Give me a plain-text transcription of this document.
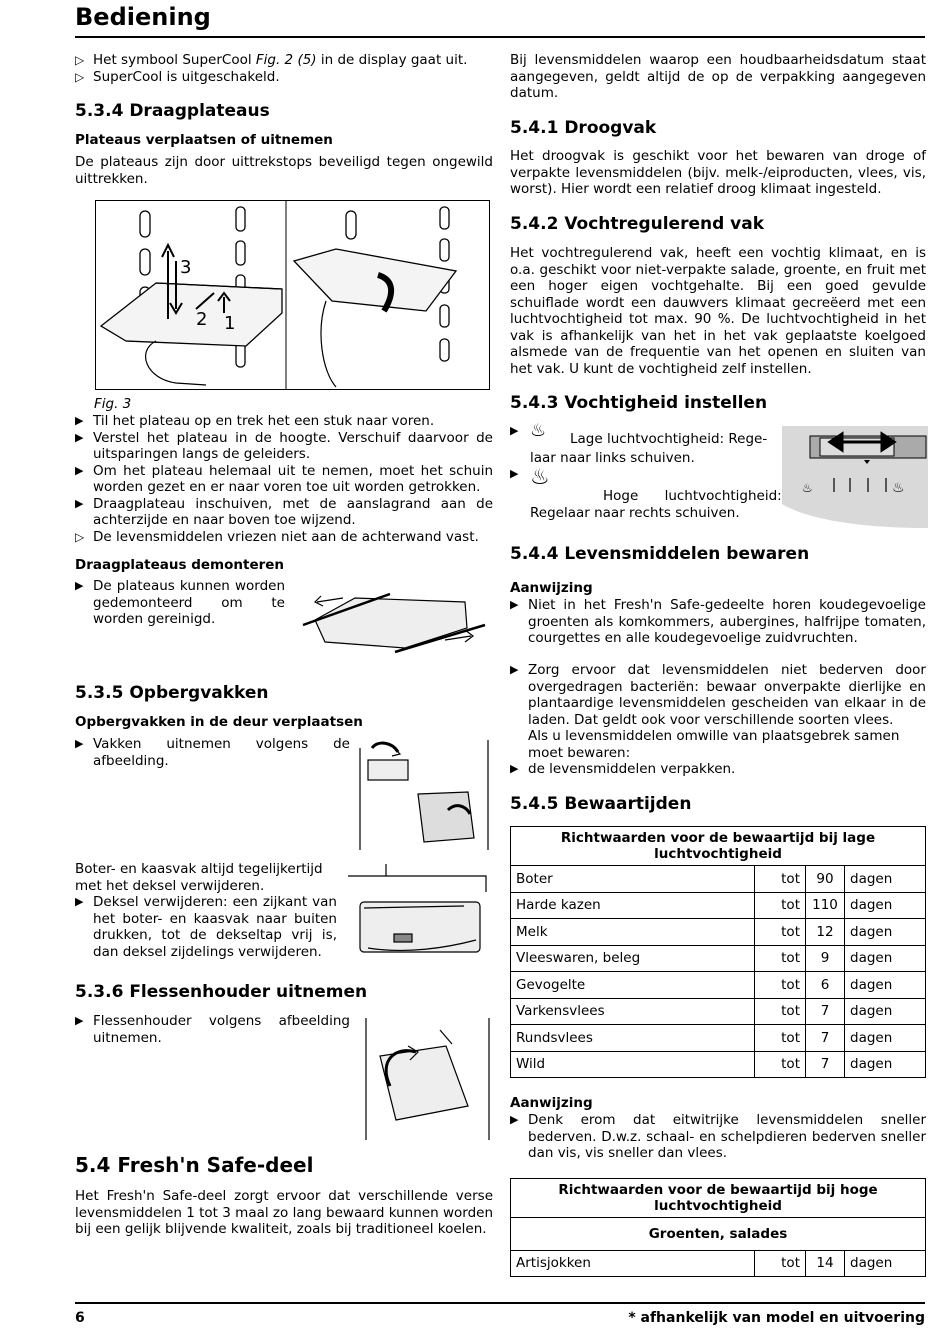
Bediening
▷ Het symbool SuperCool Fig. 2 (5) in de display gaat uit.
▷ SuperCool is uitgeschakeld.
5.3.4 Draagplateaus
Plateaus verplaatsen of uitnemen

De plateaus zijn door uittrekstops beveiligd tegen ongewild uittrekken.

3
2 1
Fig. 3
▶ Til het plateau op en trek het een stuk naar voren.
▶ Verstel het plateau in de hoogte. Verschuif daarvoor de uitsparingen langs de geleiders.
▶ Om het plateau helemaal uit te nemen, moet het schuin worden gezet en er naar voren toe uit worden getrokken.
▶ Draagplateau inschuiven, met de aanslagrand aan de achterzijde en naar boven toe wijzend.
▷ De levensmiddelen vriezen niet aan de achterwand vast.
Draagplateaus demonteren
▶ De plateaus kunnen worden gedemonteerd om te worden gereinigd.
5.3.5 Opbergvakken
Opbergvakken in de deur verplaatsen
▶ Vakken uitnemen volgens de afbeelding.

Boter- en kaasvak altijd tegelijkertijd met het deksel verwijderen.

▶ Deksel verwijderen: een zijkant van het boter- en kaasvak naar buiten drukken, tot de dekseltap vrij is, dan deksel zijdelings verwijderen.
5.3.6 Flessenhouder uitnemen
▶ Flessenhouder volgens afbeelding uitnemen.
5.4 Fresh'n Safe-deel

Het Fresh'n Safe-deel zorgt ervoor dat verschillende verse levensmiddelen 1 tot 3 maal zo lang bewaard kunnen worden bij een gelijk blijvende kwaliteit, zoals bij traditioneel koelen.

Bij levensmiddelen waarop een houdbaarheidsdatum staat aangegeven, geldt altijd de op de verpakking aangegeven datum.

5.4.1 Droogvak

Het droogvak is geschikt voor het bewaren van droge of verpakte levensmiddelen (bijv. melk-/eiproducten, vlees, vis, worst). Hier wordt een relatief droog klimaat ingesteld.

5.4.2 Vochtregulerend vak

Het vochtregulerend vak, heeft een vochtig klimaat, en is o.a. geschikt voor niet-verpakte salade, groente, en fruit met een hoger eigen vochtgehalte. Bij een goed gevulde schuiflade wordt een dauwvers klimaat gecreëerd met een luchtvochtigheid tot max. 90 %. De luchtvochtigheid in het vak is afhankelijk van het in het vak geplaatste koelgoed alsmede van de frequentie van het openen en sluiten van het vak. U kunt de vochtigheid zelf instellen.

5.4.3 Vochtigheid instellen
▶ ♨ Lage luchtvochtigheid: Rege-
laar naar links schuiven.
▶ ♨
Hoge luchtvochtigheid:
Regelaar naar rechts schuiven.
♨	♨
5.4.4 Levensmiddelen bewaren
Aanwijzing
▶ Niet in het Fresh'n Safe-gedeelte horen koudegevoelige groenten als komkommers, aubergines, halfrijpe tomaten, courgettes en alle koudegevoelige zuidvruchten.
▶ Zorg ervoor dat levensmiddelen niet bederven door overgedragen bacteriën: bewaar onverpakte dierlijke en plantaardige levensmiddelen gescheiden van elkaar in de laden. Dat geldt ook voor verschillende soorten vlees.
Als u levensmiddelen omwille van plaatsgebrek samen moet bewaren:
▶ de levensmiddelen verpakken.
5.4.5 Bewaartijden
Richtwaarden voor de bewaartijd bij lage luchtvochtigheid			
Boter	tot	90	dagen
Harde kazen	tot	110	dagen
Melk	tot	12	dagen
Vleeswaren, beleg	tot	9	dagen
Gevogelte	tot	6	dagen
Varkensvlees	tot	7	dagen
Rundsvlees	tot	7	dagen
Wild	tot	7	dagen
Aanwijzing
▶ Denk erom dat eitwitrijke levensmiddelen sneller bederven. D.w.z. schaal- en schelpdieren bederven sneller dan vis, vis sneller dan vlees.
Richtwaarden voor de bewaartijd bij hoge luchtvochtigheid
Groenten, salades
Artisjokken	tot	14	dagen
6	* afhankelijk van model en uitvoering
